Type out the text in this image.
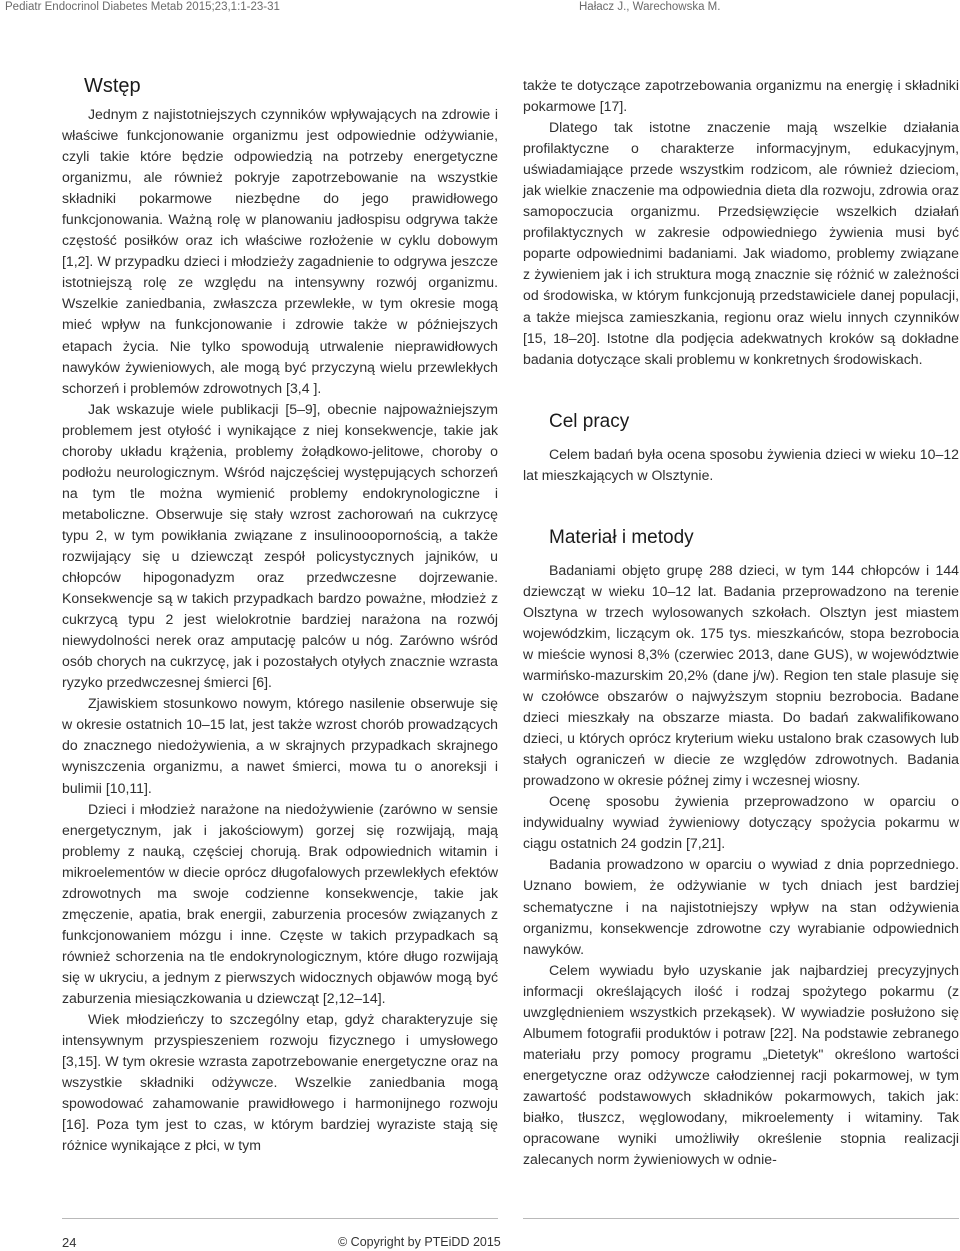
Pediatr Endocrinol Diabetes Metab 2015;23,1:1-23-31	Hałacz J., Warechowska M.
Wstęp

Jednym z najistotniejszych czynników wpływających na zdrowie i właściwe funkcjonowanie organizmu jest odpowiednie odżywianie, czyli takie które będzie odpowiedzią na potrzeby energetyczne organizmu, ale również pokryje zapotrzebowanie na wszystkie składniki pokarmowe niezbędne do jego prawidłowego funkcjonowania. Ważną rolę w planowaniu jadłospisu odgrywa także częstość posiłków oraz ich właściwe rozłożenie w cyklu dobowym [1,2]. W przypadku dzieci i młodzieży zagadnienie to odgrywa jeszcze istotniejszą rolę ze względu na intensywny rozwój organizmu. Wszelkie zaniedbania, zwłaszcza przewlekłe, w tym okresie mogą mieć wpływ na funkcjonowanie i zdrowie także w późniejszych etapach życia. Nie tylko spowodują utrwalenie nieprawidłowych nawyków żywieniowych, ale mogą być przyczyną wielu przewlekłych schorzeń i problemów zdrowotnych [3,4 ].

Jak wskazuje wiele publikacji [5–9], obecnie najpoważniejszym problemem jest otyłość i wynikające z niej konsekwencje, takie jak choroby układu krążenia, problemy żołądkowo-jelitowe, choroby o podłożu neurologicznym. Wśród najczęściej występujących schorzeń na tym tle można wymienić problemy endokrynologiczne i metaboliczne. Obserwuje się stały wzrost zachorowań na cukrzycę typu 2, w tym powikłania związane z insulinooopornością, a także rozwijający się u dziewcząt zespół policystycznych jajników, u chłopców hipogonadyzm oraz przedwczesne dojrzewanie. Konsekwencje są w takich przypadkach bardzo poważne, młodzież z cukrzycą typu 2 jest wielokrotnie bardziej narażona na rozwój niewydolności nerek oraz amputację palców u nóg. Zarówno wśród osób chorych na cukrzycę, jak i pozostałych otyłych znacznie wzrasta ryzyko przedwczesnej śmierci [6].

Zjawiskiem stosunkowo nowym, którego nasilenie obserwuje się w okresie ostatnich 10–15 lat, jest także wzrost chorób prowadzących do znacznego niedożywienia, a w skrajnych przypadkach skrajnego wyniszczenia organizmu, a nawet śmierci, mowa tu o anoreksji i bulimii [10,11].

Dzieci i młodzież narażone na niedożywienie (zarówno w sensie energetycznym, jak i jakościowym) gorzej się rozwijają, mają problemy z nauką, częściej chorują. Brak odpowiednich witamin i mikroelementów w diecie oprócz długofalowych przewlekłych efektów zdrowotnych ma swoje codzienne konsekwencje, takie jak zmęczenie, apatia, brak energii, zaburzenia procesów związanych z funkcjonowaniem mózgu i inne. Częste w takich przypadkach są również schorzenia na tle endokrynologicznym, które długo rozwijają się w ukryciu, a jednym z pierwszych widocznych objawów mogą być zaburzenia miesiączkowania u dziewcząt [2,12–14].

Wiek młodzieńczy to szczególny etap, gdyż charakteryzuje się intensywnym przyspieszeniem rozwoju fizycznego i umysłowego [3,15]. W tym okresie wzrasta zapotrzebowanie energetyczne oraz na wszystkie składniki odżywcze. Wszelkie zaniedbania mogą spowodować zahamowanie prawidłowego i harmonijnego rozwoju [16]. Poza tym jest to czas, w którym bardziej wyraziste stają się różnice wynikające z płci, w tym

także te dotyczące zapotrzebowania organizmu na energię i składniki pokarmowe [17].

Dlatego tak istotne znaczenie mają wszelkie działania profilaktyczne o charakterze informacyjnym, edukacyjnym, uświadamiające przede wszystkim rodzicom, ale również dzieciom, jak wielkie znaczenie ma odpowiednia dieta dla rozwoju, zdrowia oraz samopoczucia organizmu. Przedsięwzięcie wszelkich działań profilaktycznych w zakresie odpowiedniego żywienia musi być poparte odpowiednimi badaniami. Jak wiadomo, problemy związane z żywieniem jak i ich struktura mogą znacznie się różnić w zależności od środowiska, w którym funkcjonują przedstawiciele danej populacji, a także miejsca zamieszkania, regionu oraz wielu innych czynników [15, 18–20]. Istotne dla podjęcia adekwatnych kroków są dokładne badania dotyczące skali problemu w konkretnych środowiskach.

Cel pracy

Celem badań była ocena sposobu żywienia dzieci w wieku 10–12 lat mieszkających w Olsztynie.

Materiał i metody

Badaniami objęto grupę 288 dzieci, w tym 144 chłopców i 144 dziewcząt w wieku 10–12 lat. Badania przeprowadzono na terenie Olsztyna w trzech wylosowanych szkołach. Olsztyn jest miastem wojewódzkim, liczącym ok. 175 tys. mieszkańców, stopa bezrobocia w mieście wynosi 8,3% (czerwiec 2013, dane GUS), w województwie warmińsko-mazurskim 20,2% (dane j/w). Region ten stale plasuje się w czołówce obszarów o najwyższym stopniu bezrobocia. Badane dzieci mieszkały na obszarze miasta. Do badań zakwalifikowano dzieci, u których oprócz kryterium wieku ustalono brak czasowych lub stałych ograniczeń w diecie ze względów zdrowotnych. Badania prowadzono w okresie późnej zimy i wczesnej wiosny.

Ocenę sposobu żywienia przeprowadzono w oparciu o indywidualny wywiad żywieniowy dotyczący spożycia pokarmu w ciągu ostatnich 24 godzin [7,21].

Badania prowadzono w oparciu o wywiad z dnia poprzedniego. Uznano bowiem, że odżywianie w tych dniach jest bardziej schematyczne i na najistotniejszy wpływ na stan odżywienia organizmu, konsekwencje zdrowotne czy wyrabianie odpowiednich nawyków.

Celem wywiadu było uzyskanie jak najbardziej precyzyjnych informacji określających ilość i rodzaj spożytego pokarmu (z uwzględnieniem wszystkich przekąsek). W wywiadzie posłużono się Albumem fotografii produktów i potraw [22]. Na podstawie zebranego materiału przy pomocy programu „Dietetyk" określono wartości energetyczne oraz odżywcze całodziennej racji pokarmowej, w tym zawartość podstawowych składników pokarmowych, takich jak: białko, tłuszcz, węglowodany, mikroelementy i witaminy. Tak opracowane wyniki umożliwiły określenie stopnia realizacji zalecanych norm żywieniowych w odnie-

24	© Copyright by PTEiDD 2015
